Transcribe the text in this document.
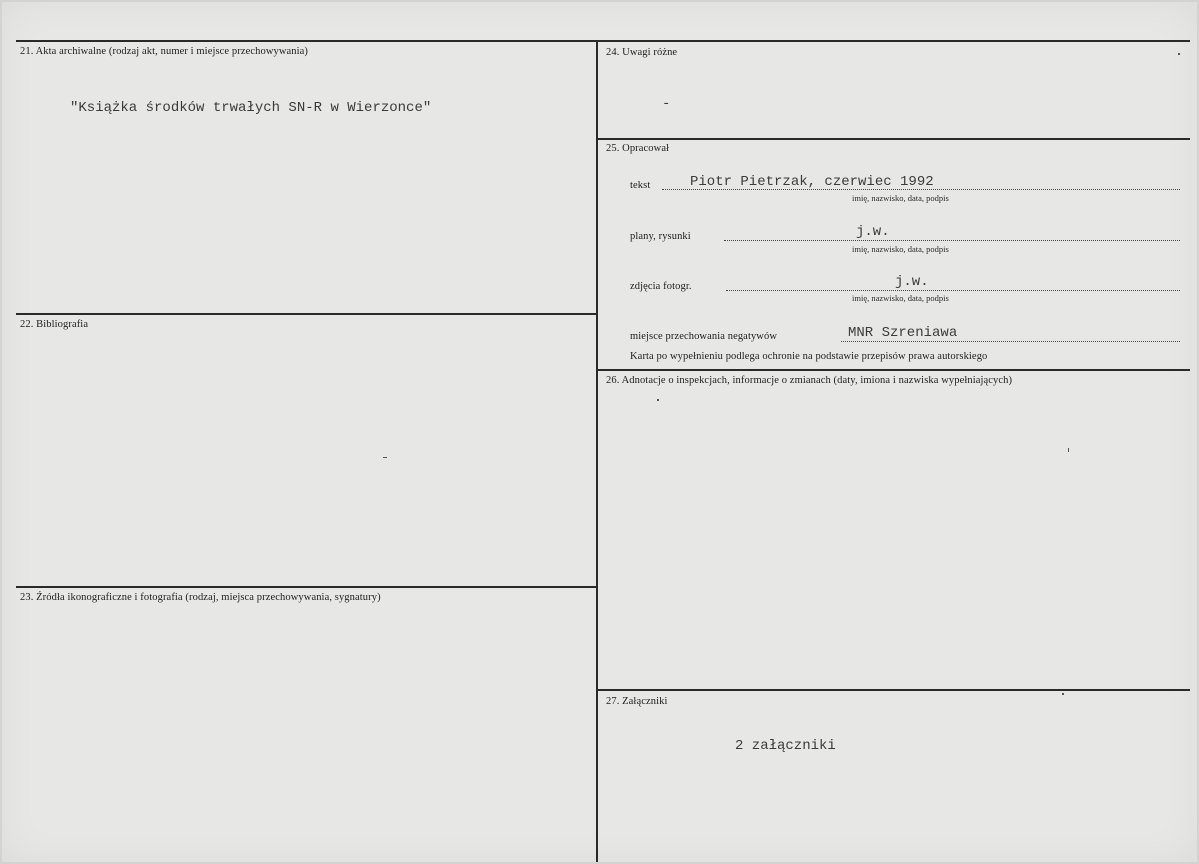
21. Akta archiwalne (rodzaj akt, numer i miejsce przechowywania)
"Książka środków trwałych SN-R w Wierzonce"
22. Bibliografia
23. Źródła ikonograficzne i fotografia (rodzaj, miejsca przechowywania, sygnatury)
24. Uwagi różne
-
25. Opracował
tekst	Piotr Pietrzak, czerwiec 1992
imię, nazwisko, data, podpis
plany, rysunki	j.w.
imię, nazwisko, data, podpis
zdjęcia fotogr.	j.w.
imię, nazwisko, data, podpis
miejsce przechowania negatywów	MNR Szreniawa
Karta po wypełnieniu podlega ochronie na podstawie przepisów prawa autorskiego
26. Adnotacje o inspekcjach, informacje o zmianach (daty, imiona i nazwiska wypełniających)
27. Załączniki
2 załączniki
